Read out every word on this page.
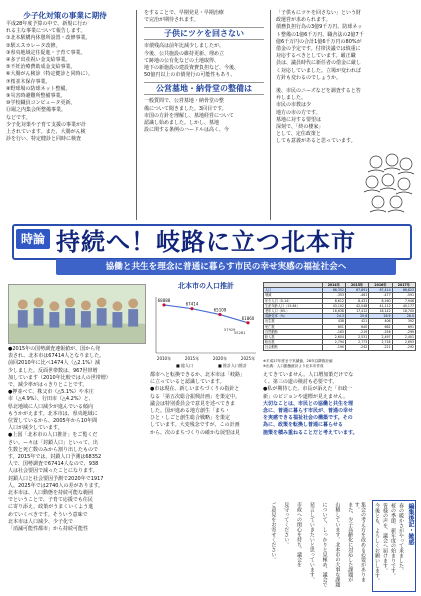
少子化対策の事業に期待
平成28年度予算の中で、新規に行わ
れる主な事業について報告します。
①北本駅構内休憩所設置・改修事業。
②駅エスカレータ改修。
③県央地域定住促進・子育て事業。
④多子出産祝い金支給事業。
⑤不妊治療費助成金支給事業。
⑥大腸がん検診（特定健診と同時に）。
⑦桜並木保存事業。
⑧野球場の防球ネット整備。
⑨災害時避難所整備事業。
⑩学校職員コンピュータ更新。
⑪堀之内集会所整備事業。
などです。
少子化対策や子育て支援の事業が計
上されています。また、大腸がん検
診を行い、特定健診と同時に検査
をすることで、早期発見・早期治療
で完治が期待されます。
子供にツケを回さない
市債残高は前年比減少しましたが、
今後、公共施設の維持更新、埋め立
て跡地の公有化などの土地取得、
地下の新施設の建設資費負担など、今後、
50億円以上の市債発行の可能性もあり、
公営墓地・納骨堂の整備は
一般質問で、公営墓地・納骨堂の整
備について聞きました。3回目です。
市国の方針を理解し、墓地経営について
認識し始めました。しかし、墓地
設に関する条例のハードルは高く、今
「子供もにツケを回さない」という財
政運営が求められます。
債務負担行為の3億9千万円、防球ネッ
ト整備の1億6千万円、職舎法の2億7千
億6千万円の合計1億6千万円の80%が
借金の予定です。付帯決議では慎重に
対応するべきとしています。厳正職
員は、議員時代に新任者の借金に厳し
く対応していました。立場が変われば
方針も変わるのでしょうか。
後、市民のニーズなどを調査すると答
弁しました。
市民の市教は少
地方の市の方です。
墓地に対する要望は
深刻で、「終の棲家」
として、定住政策と
しても意義があると思っています。
時論 持続へ！岐路に立つ北本市
協働と共生を理念に普通に暮らす市民の幸せ実感の福祉社会へ
北本市の人口推計
68888
67414
65109
61860
2010年	2015年	2020年	2025年
57929
55281
■ 総人口	■ 推計人口推計
	2014年	2015年	2016年	2017年
人口	68,352	67,891	67,414	66,823
増減	-353	-461	-477	-591
年少人口（0-14）	8,612	8,431	8,160	7,946
生産年齢人口（15-64）	43,102	42,048	41,112	40,177
老年人口（65-）	16,638	17,412	18,142	18,700
高齢化率（%）	24.3	25.6	26.9	28.0
出生数	438	421	406	392
死亡数	601	640	662	691
自然動態	-163	-219	-256	-299
転入数	2,604	2,531	2,497	2,401
転出数	2,794	2,773	2,718	2,693
社会動態	-190	-242	-221	-292
※平成27年度まで実績値、28年以降推計値
※出典：人口動態統計より北本市作成
●2015年の国勢調査速報値が、国から発
表され、北本市は67414人となりました。
前回2010年に比べ1474人（△2.1%）減
少しました。反面世帯数は、967世帯増
加しています（2010年比較では人の世帯増）
で、減少率がはっきりとことです。
●押並べて、株父市（△5.1%）や本庄
市（△4.9%）、行田市（△4.2%）と、
県北地域に人口減少が進んでいる傾向
もうかがえます。北本市は、県央地域に
位置しているから、2005年から10年間
人口が減少しています。
●上図「北本市の人口推計」をご覧くだ
さい。ー々は「封鎖人口」といって、出
生数と死亡数のみから割り出したもので
す。2015年では、封鎖人口予測は68352
人で、国勢調査で67414人なので、938
人は社会要因で減ったことになります。
封鎖人口と社会要因予測で2020年で1917
人、2025年では2740人の差があります。
北本市は、人口動態を持続可能な範囲
でということで、子育て応援でも住民
に寄り添え、政策がうまくいくよう進
めていくべきです。そういう意味で
北本市は人口減少、少子化で
「消滅可能性都市」から持続可能性
都市へと転換できるか、北本市は「岐路」
に立っていると認識しています。
●市は現在、新しいまちづくりの指針と
なる「第五次総合振興計画」を策定中。
議会は特別委員会で意見を述べてきま
した。国が進める地方創生「まち・
ひと・しごと創生総合戦略」を策定
しています。大変残念ですが、この計画
から、次のまちづくりの確かな展望は見
えてきていません。人口増加策だけでな
く、第三の道の検討も必要です。
●私が期待した、市長が訴えた「市政一
新」のビジョンや道標が見えません。
大切なことは、市民との協働と共生を理
念に、普通に暮らす市民が、普通の幸せ
を実感できる福祉社会の構築です。その
為に、政策を転換し普通に暮らせる
施策を積み重ねることだと考えています。
集会の考え方を改める必要があります。
また、少子高齢化に対応した課題が
山積しています。北本市の大事な課題
について、しっかりと見極め、議会で
発言していきたいと思っています。
市政への関心を持ち、議会を
見守ってください。
ご意見をお寄せください。	編集後記・雑感
春の暖かさがやって来ました。
桜の季節、新年度の始まりです。
皆様の声を、議会へ届けます。
今後とも、よろしくお願いします。
